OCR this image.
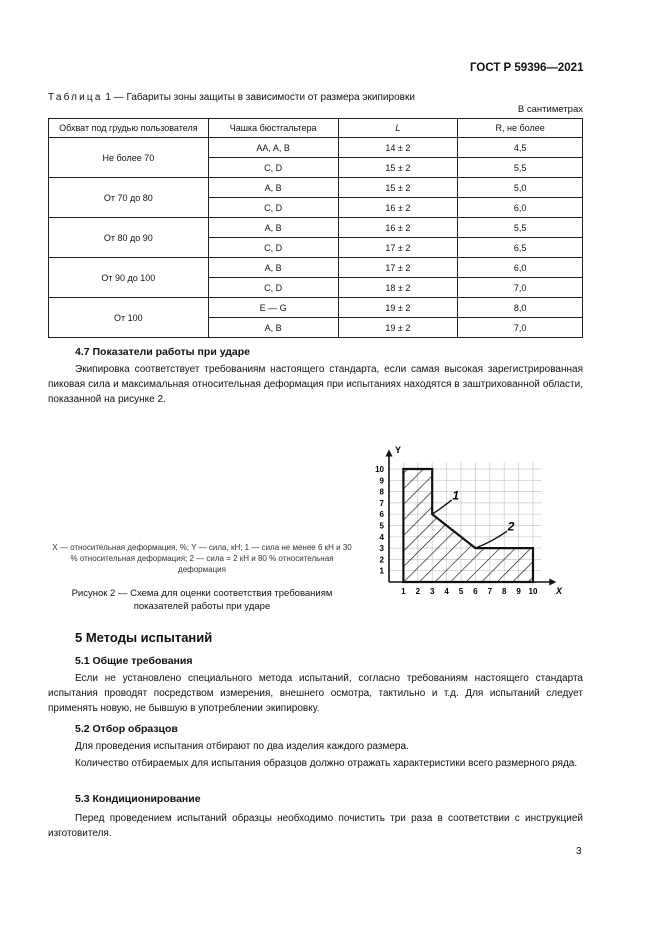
ГОСТ Р 59396—2021
Таблица 1 — Габариты зоны защиты в зависимости от размера экипировки
В сантиметрах
Обхват под грудью пользователя	Чашка бюстгальтера	L	R, не более
Не более 70	AA, A, B	14 ± 2	4,5
	C, D	15 ± 2	5,5
От 70 до 80	A, B	15 ± 2	5,0
	C, D	16 ± 2	6,0
От 80 до 90	A, B	16 ± 2	5,5
	C, D	17 ± 2	6,5
От 90 до 100	A, B	17 ± 2	6,0
	C, D	18 ± 2	7,0
От 100	E — G	19 ± 2	8,0
	A, B	19 ± 2	7,0
4.7 Показатели работы при ударе
Экипировка соответствует требованиям настоящего стандарта, если самая высокая зарегистрированная пиковая сила и максимальная относительная деформация при испытаниях находятся в заштрихованной области, показанной на рисунке 2.
1 2 3 4 5 6 7 8 9 10
1
2
3
4
5
6
7
8
9
10
X
Y
1
2
X — относительная деформация, %; Y — сила, кН; 1 — сила не менее 6 кН и 30 % относительная деформация; 2 — сила = 2 кН и 80 % относительная деформация
Рисунок 2 — Схема для оценки соответствия требованиям показателей работы при ударе
5 Методы испытаний
5.1 Общие требования
Если не установлено специального метода испытаний, согласно требованиям настоящего стандарта испытания проводят посредством измерения, внешнего осмотра, тактильно и т.д. Для испытаний следует применять новую, не бывшую в употреблении экипировку.
5.2 Отбор образцов
Для проведения испытания отбирают по два изделия каждого размера.
Количество отбираемых для испытания образцов должно отражать характеристики всего размерного ряда.
5.3 Кондиционирование
Перед проведением испытаний образцы необходимо почистить три раза в соответствии с инструкцией изготовителя.
3
